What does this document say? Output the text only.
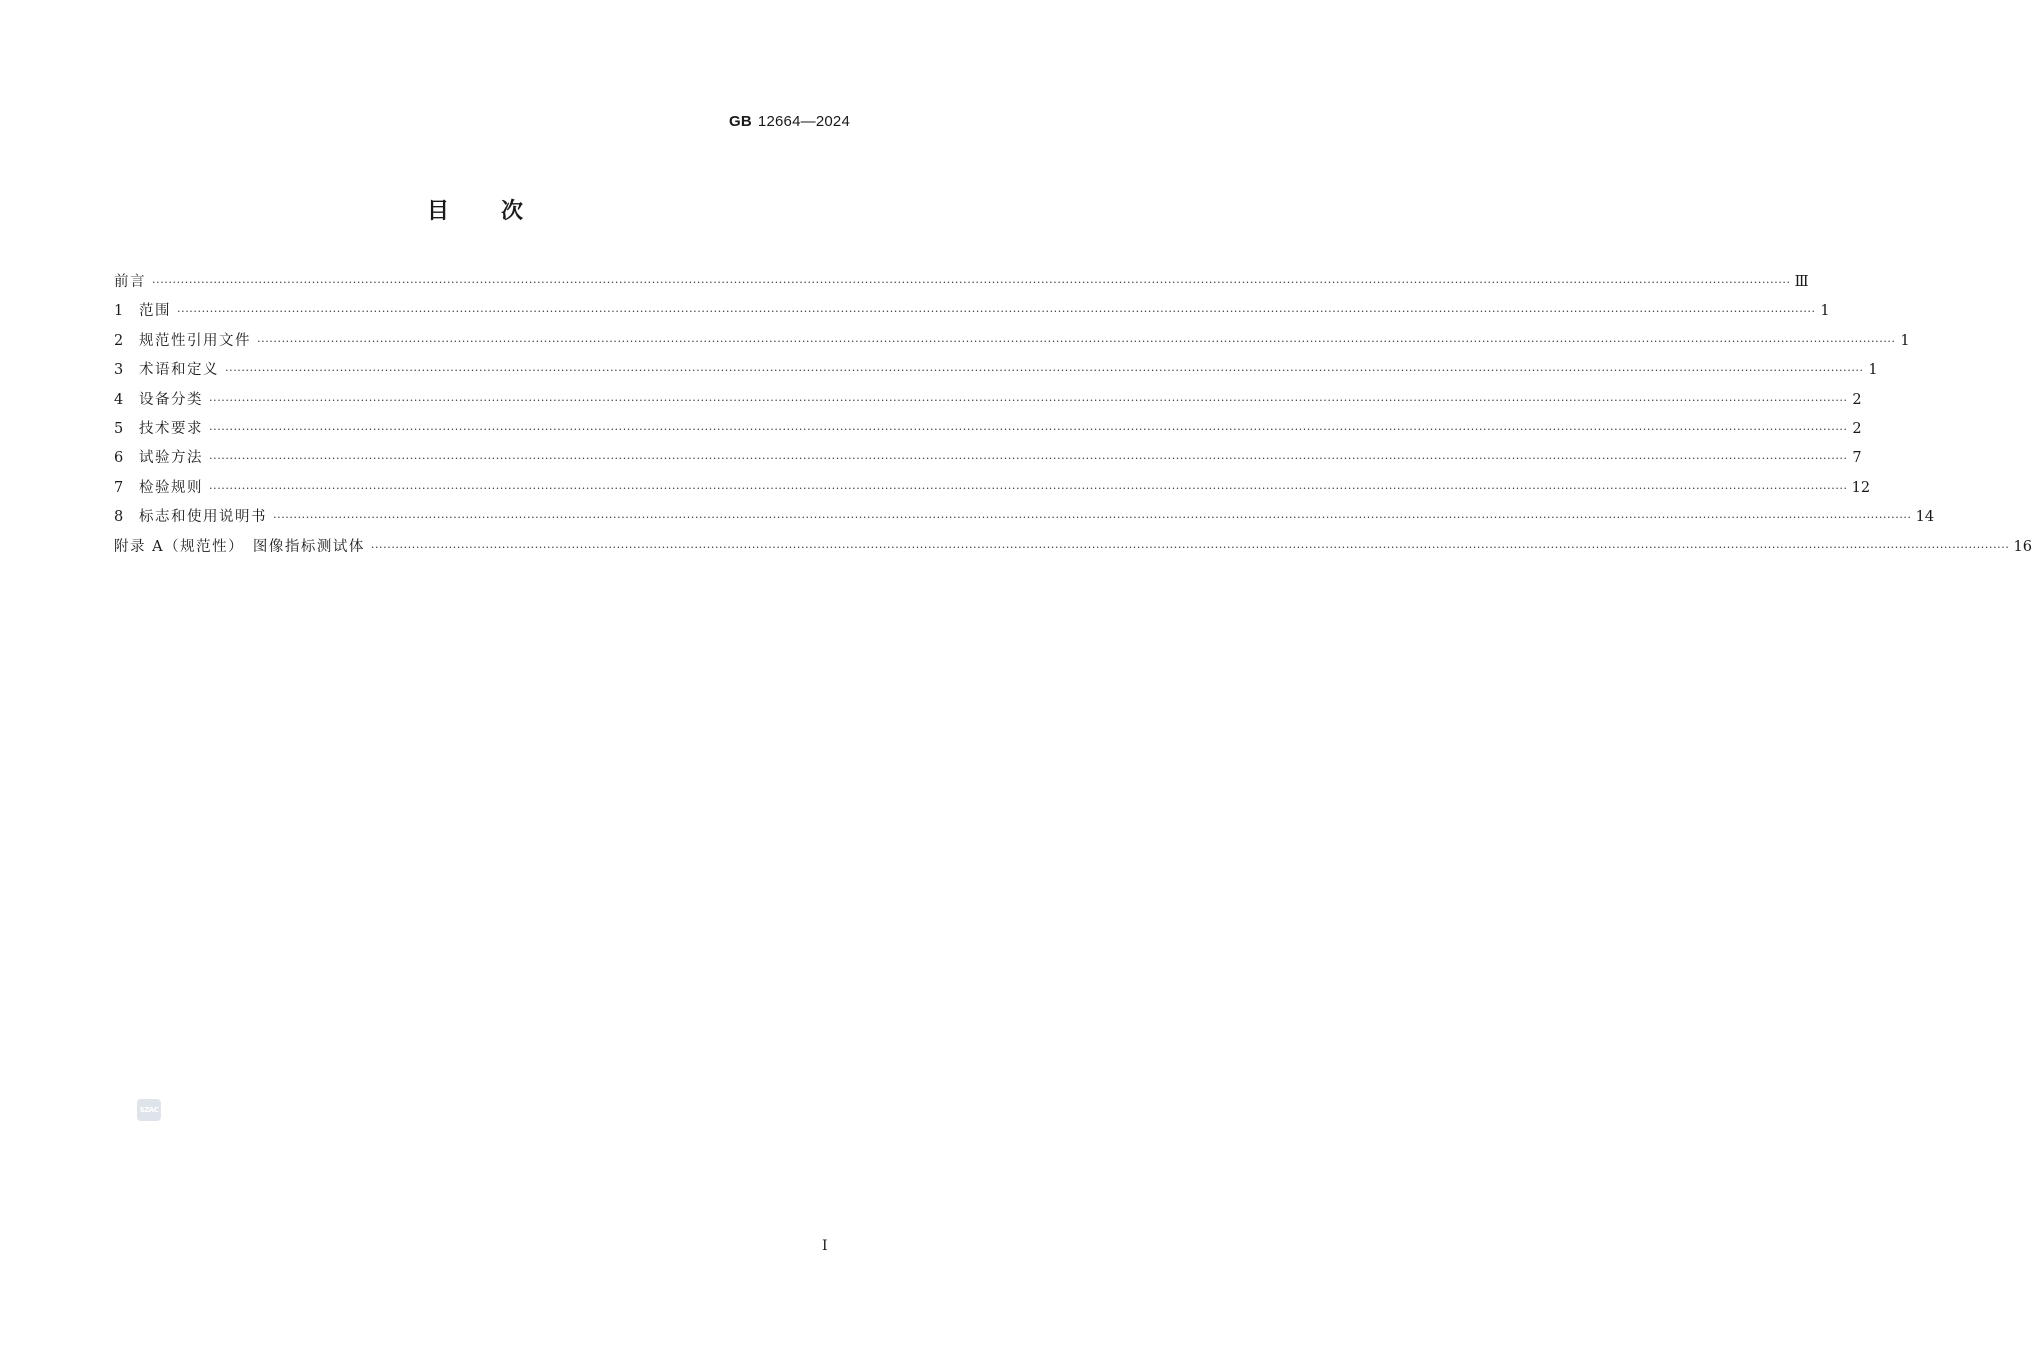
GB 12664—2024
目 次
前言 ················································································································································································································································································································································································································ Ⅲ
1	范围 ················································································································································································································································································································································································································ 1
2	规范性引用文件 ················································································································································································································································································································································································································ 1
3	术语和定义 ················································································································································································································································································································································································································ 1
4	设备分类 ················································································································································································································································································································································································································ 2
5	技术要求 ················································································································································································································································································································································································································ 2
6	试验方法 ················································································································································································································································································································································································································ 7
7	检验规则 ················································································································································································································································································································································································································ 12
8	标志和使用说明书 ················································································································································································································································································································································································································ 14
附录 A（规范性）　图像指标测试体 ················································································································································································································································································································································································································ 16
SZAC
Ⅰ
